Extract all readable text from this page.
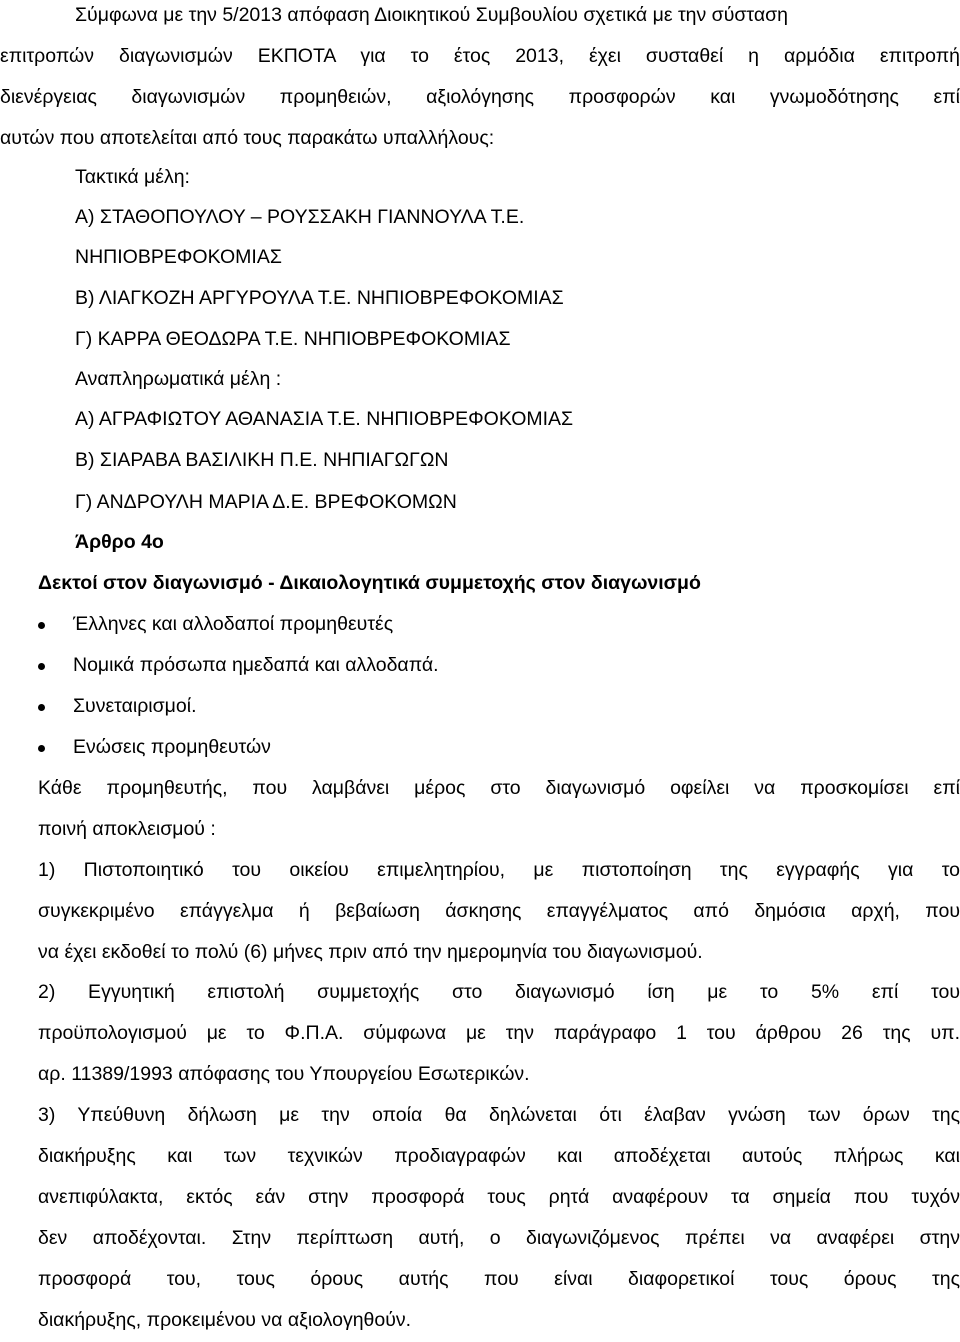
Σύμφωνα με την 5/2013 απόφαση Διοικητικού Συμβουλίου σχετικά με την σύσταση
επιτροπών διαγωνισμών ΕΚΠΟΤΑ για το έτος 2013, έχει συσταθεί η αρμόδια επιτροπή
διενέργειας διαγωνισμών προμηθειών, αξιολόγησης προσφορών και γνωμοδότησης επί
αυτών που αποτελείται από τους παρακάτω υπαλλήλους:
Τακτικά μέλη:
Α) ΣΤΑΘΟΠΟΥΛΟΥ – ΡΟΥΣΣΑΚΗ ΓΙΑΝΝΟΥΛΑ Τ.Ε.
ΝΗΠΙΟΒΡΕΦΟΚΟΜΙΑΣ
Β) ΛΙΑΓΚΟΖΗ ΑΡΓΥΡΟΥΛΑ Τ.Ε. ΝΗΠΙΟΒΡΕΦΟΚΟΜΙΑΣ
Γ) ΚΑΡΡΑ ΘΕΟΔΩΡΑ Τ.Ε. ΝΗΠΙΟΒΡΕΦΟΚΟΜΙΑΣ
Αναπληρωματικά μέλη :
Α) ΑΓΡΑΦΙΩΤΟΥ ΑΘΑΝΑΣΙΑ Τ.Ε. ΝΗΠΙΟΒΡΕΦΟΚΟΜΙΑΣ
Β) ΣΙΑΡΑΒΑ ΒΑΣΙΛΙΚΗ Π.Ε. ΝΗΠΙΑΓΩΓΩΝ
Γ) ΑΝΔΡΟΥΛΗ ΜΑΡΙΑ Δ.Ε. ΒΡΕΦΟΚΟΜΩΝ
Άρθρο 4ο
Δεκτοί στον διαγωνισμό - Δικαιολογητικά συμμετοχής στον διαγωνισμό
Έλληνες και αλλοδαποί προμηθευτές
Νομικά πρόσωπα ημεδαπά και αλλοδαπά.
Συνεταιρισμοί.
Ενώσεις προμηθευτών
Κάθε προμηθευτής, που λαμβάνει μέρος στο διαγωνισμό οφείλει να προσκομίσει επί
ποινή αποκλεισμού :
1) Πιστοποιητικό του οικείου επιμελητηρίου, με πιστοποίηση της εγγραφής για το
συγκεκριμένο επάγγελμα ή βεβαίωση άσκησης επαγγέλματος από δημόσια αρχή, που
να έχει εκδοθεί το πολύ (6) μήνες πριν από την ημερομηνία του διαγωνισμού.
2) Εγγυητική επιστολή συμμετοχής στο διαγωνισμό ίση με το 5% επί του
προϋπολογισμού με το Φ.Π.Α. σύμφωνα με την παράγραφο 1 του άρθρου 26 της υπ.
αρ. 11389/1993 απόφασης του Υπουργείου Εσωτερικών.
3) Υπεύθυνη δήλωση με την οποία θα δηλώνεται ότι έλαβαν γνώση των όρων της
διακήρυξης και των τεχνικών προδιαγραφών και αποδέχεται αυτούς πλήρως και
ανεπιφύλακτα, εκτός εάν στην προσφορά τους ρητά αναφέρουν τα σημεία που τυχόν
δεν αποδέχονται. Στην περίπτωση αυτή, ο διαγωνιζόμενος πρέπει να αναφέρει στην
προσφορά του, τους όρους αυτής που είναι διαφορετικοί τους όρους της
διακήρυξης, προκειμένου να αξιολογηθούν.
